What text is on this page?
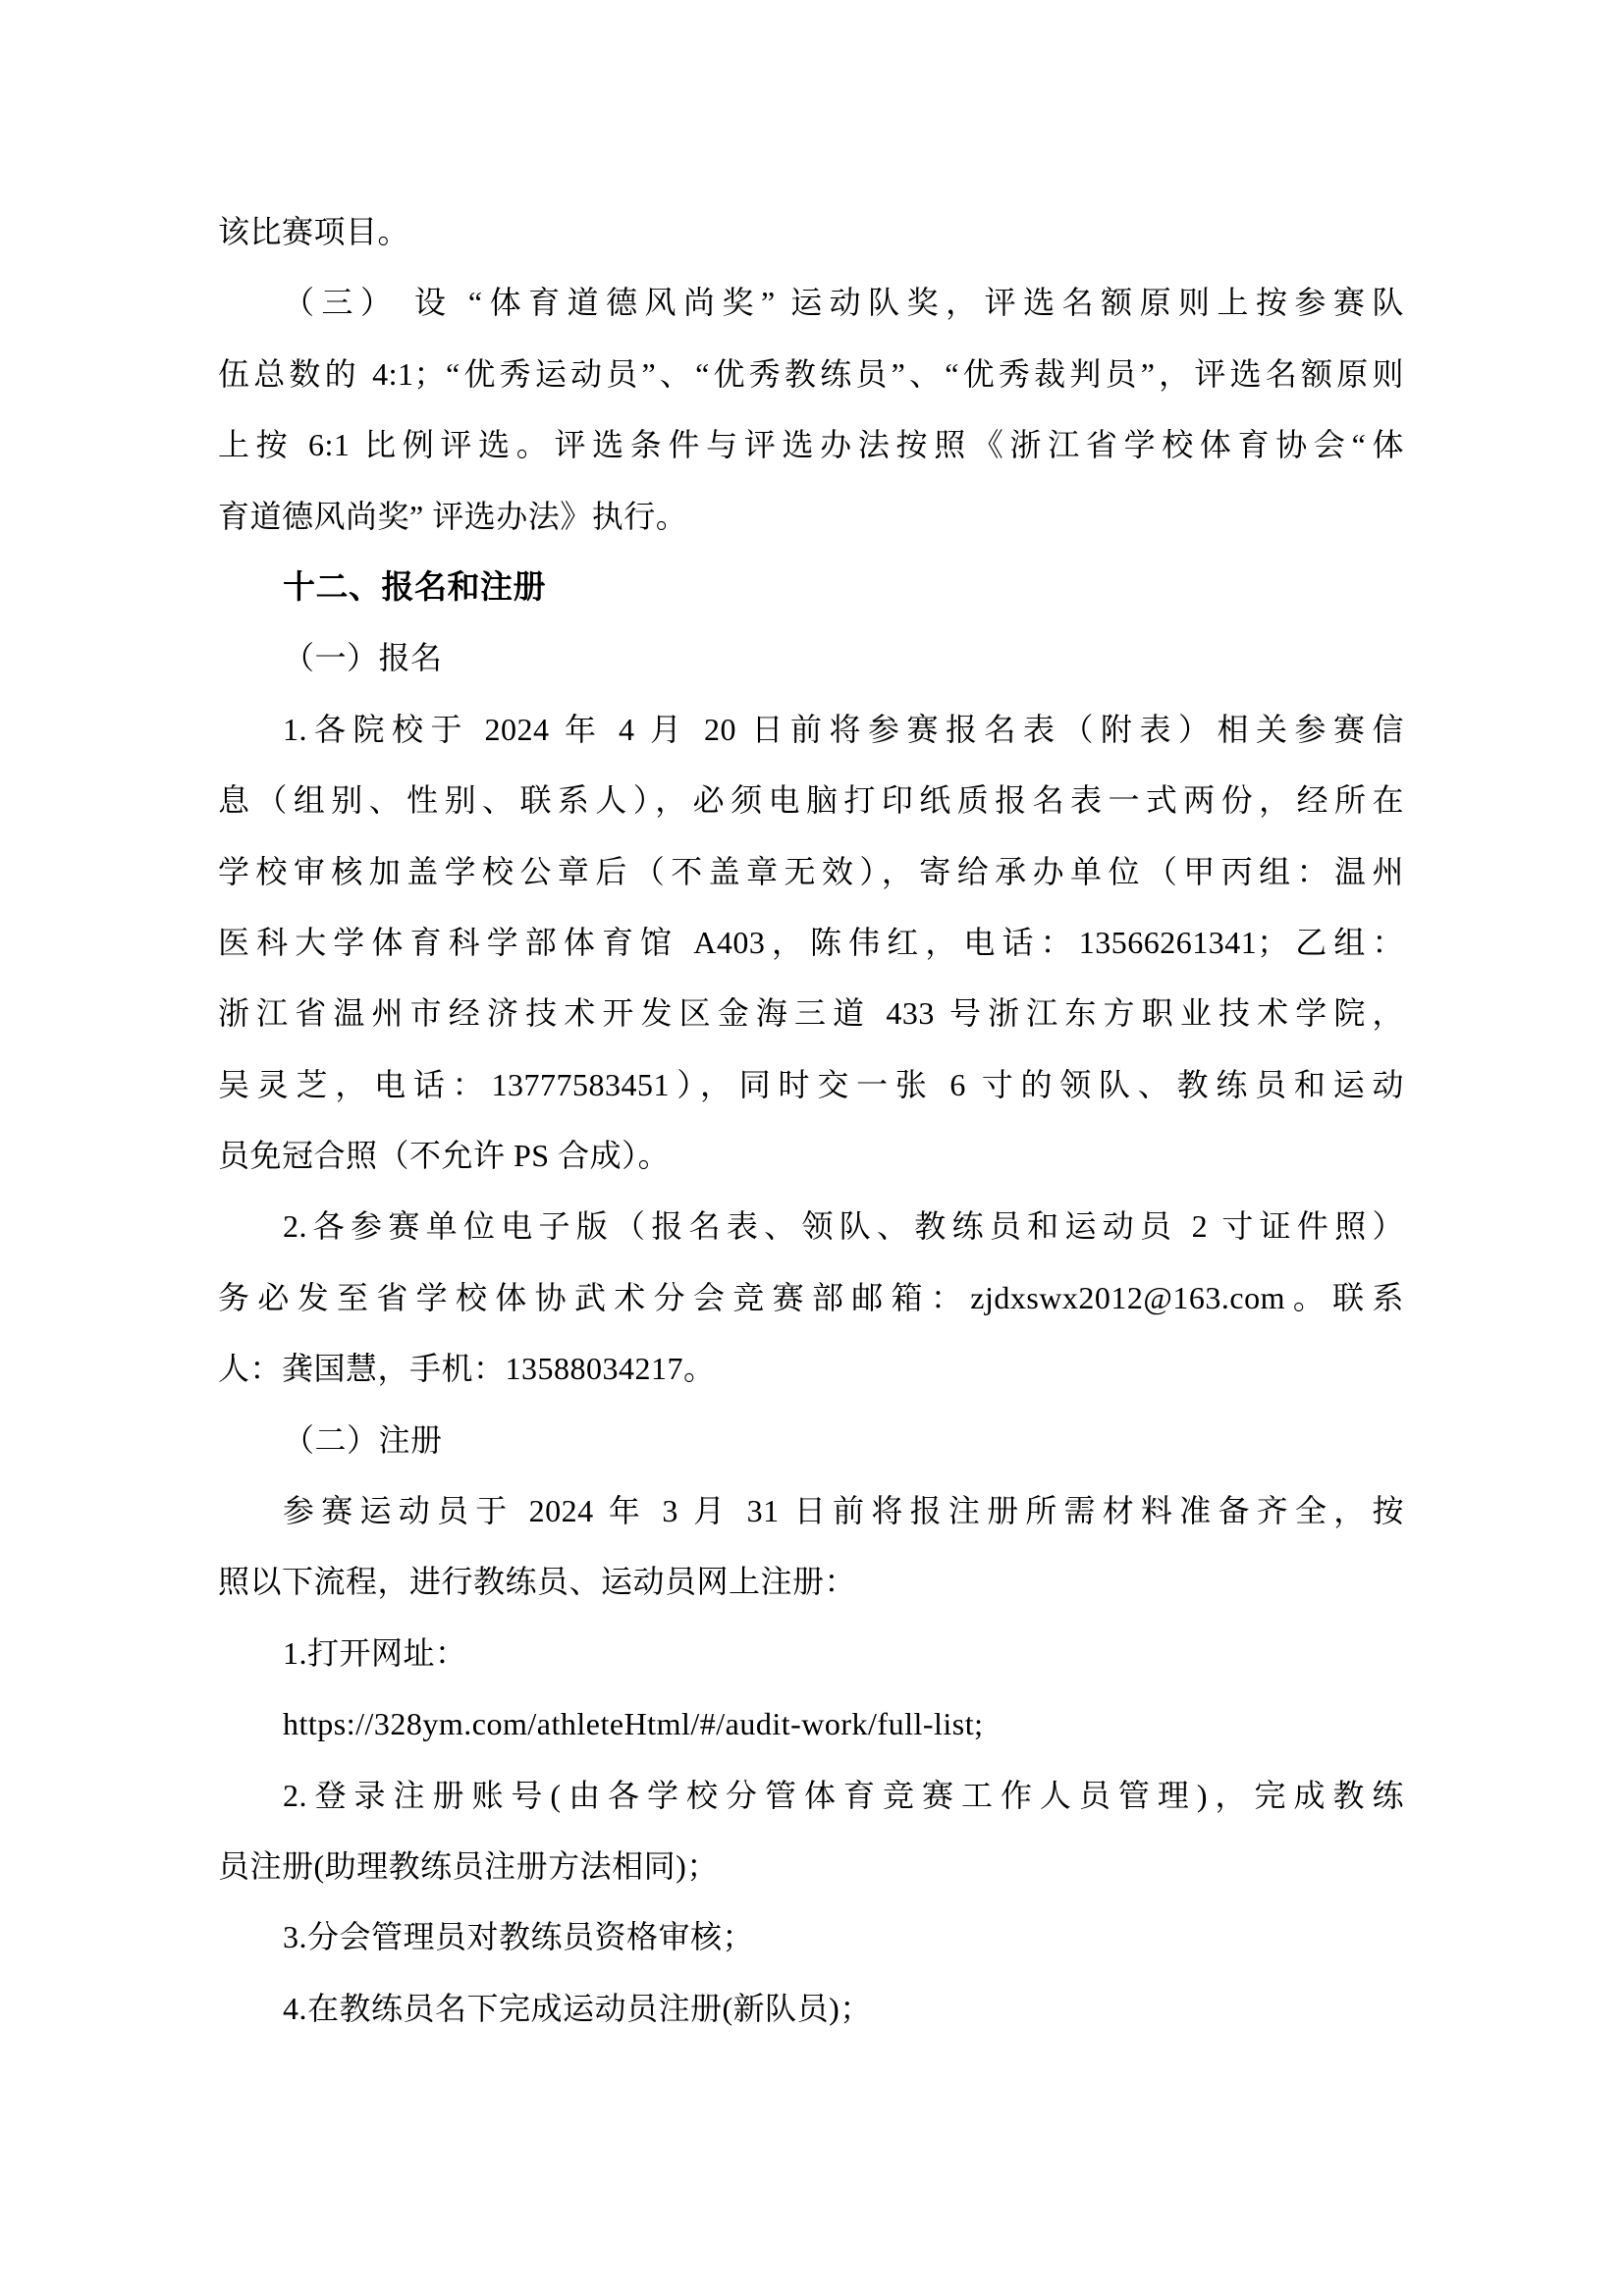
该比赛项目。
（三） 设 “体育道德风尚奖” 运动队奖，评选名额原则上按参赛队
伍总数的 4:1；“优秀运动员”、“优秀教练员”、“优秀裁判员”，评选名额原则
上按 6:1 比例评选。评选条件与评选办法按照《浙江省学校体育协会“体
育道德风尚奖” 评选办法》执行。
十二、报名和注册
（一）报名
1.各院校于 2024 年 4 月 20 日前将参赛报名表（附表）相关参赛信
息（组别、性别、联系人），必须电脑打印纸质报名表一式两份，经所在
学校审核加盖学校公章后（不盖章无效），寄给承办单位（甲丙组：温州
医科大学体育科学部体育馆 A403，陈伟红，电话：13566261341；乙组：
浙江省温州市经济技术开发区金海三道 433 号浙江东方职业技术学院，
吴灵芝，电话：13777583451），同时交一张 6 寸的领队、教练员和运动
员免冠合照（不允许 PS 合成）。
2.各参赛单位电子版（报名表、领队、教练员和运动员 2 寸证件照）
务必发至省学校体协武术分会竞赛部邮箱：zjdxswx2012@163.com。联系
人：龚国慧，手机：13588034217。
（二）注册
参赛运动员于 2024 年 3 月 31 日前将报注册所需材料准备齐全，按
照以下流程，进行教练员、运动员网上注册：
1.打开网址：
https://328ym.com/athleteHtml/#/audit-work/full-list;
2.登录注册账号(由各学校分管体育竞赛工作人员管理)，完成教练
员注册(助理教练员注册方法相同)；
3.分会管理员对教练员资格审核；
4.在教练员名下完成运动员注册(新队员)；
